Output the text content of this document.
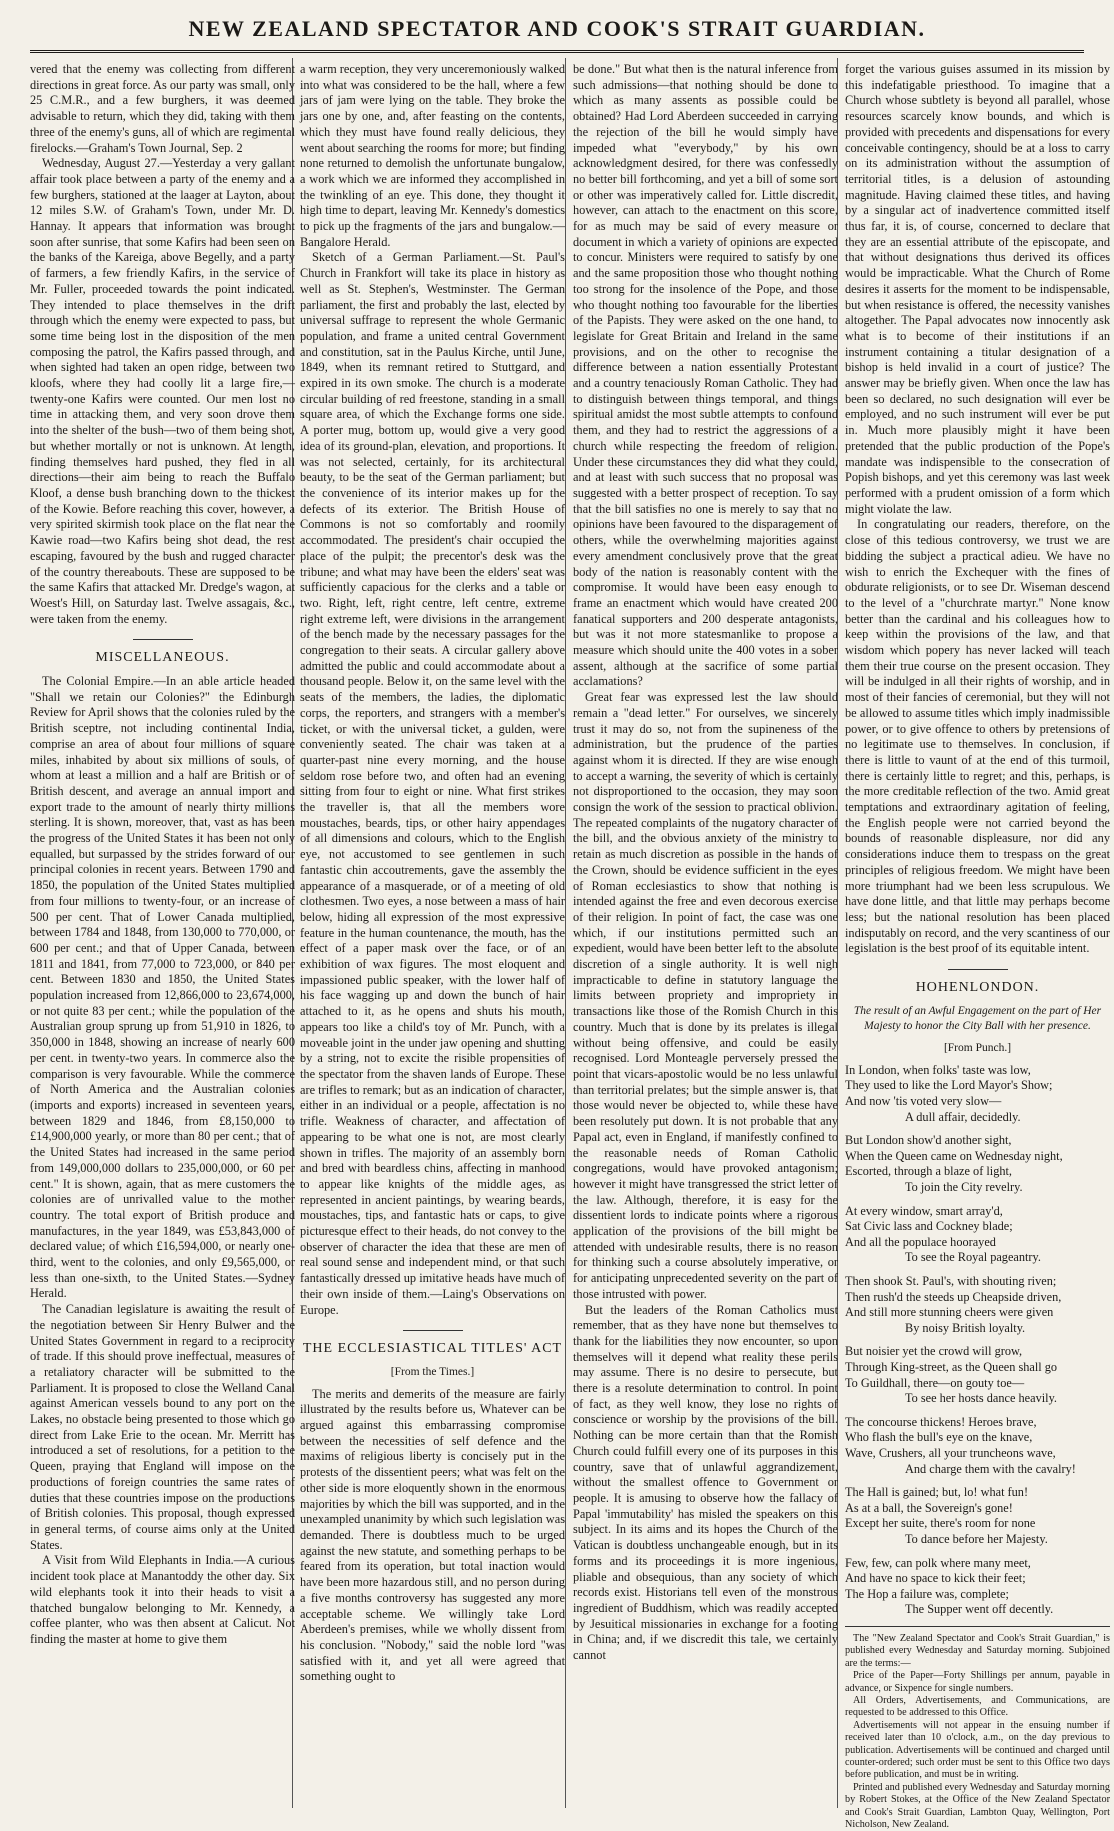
NEW ZEALAND SPECTATOR AND COOK'S STRAIT GUARDIAN.

vered that the enemy was collecting from different directions in great force. As our party was small, only 25 C.M.R., and a few burghers, it was deemed advisable to return, which they did, taking with them three of the enemy's guns, all of which are regimental firelocks.—Graham's Town Journal, Sep. 2

Wednesday, August 27.—Yesterday a very gallant affair took place between a party of the enemy and a few burghers, stationed at the laager at Layton, about 12 miles S.W. of Graham's Town, under Mr. D. Hannay. It appears that information was brought soon after sunrise, that some Kafirs had been seen on the banks of the Kareiga, above Begelly, and a party of farmers, a few friendly Kafirs, in the service of Mr. Fuller, proceeded towards the point indicated. They intended to place themselves in the drift through which the enemy were expected to pass, but some time being lost in the disposition of the men composing the patrol, the Kafirs passed through, and when sighted had taken an open ridge, between two kloofs, where they had coolly lit a large fire,—twenty-one Kafirs were counted. Our men lost no time in attacking them, and very soon drove them into the shelter of the bush—two of them being shot, but whether mortally or not is unknown. At length, finding themselves hard pushed, they fled in all directions—their aim being to reach the Buffalo Kloof, a dense bush branching down to the thickest of the Kowie. Before reaching this cover, however, a very spirited skirmish took place on the flat near the Kawie road—two Kafirs being shot dead, the rest escaping, favoured by the bush and rugged character of the country thereabouts. These are supposed to be the same Kafirs that attacked Mr. Dredge's wagon, at Woest's Hill, on Saturday last. Twelve assagais, &c., were taken from the enemy.

MISCELLANEOUS.

The Colonial Empire.—In an able article headed "Shall we retain our Colonies?" the Edinburgh Review for April shows that the colonies ruled by the British sceptre, not including continental India, comprise an area of about four millions of square miles, inhabited by about six millions of souls, of whom at least a million and a half are British or of British descent, and average an annual import and export trade to the amount of nearly thirty millions sterling. It is shown, moreover, that, vast as has been the progress of the United States it has been not only equalled, but surpassed by the strides forward of our principal colonies in recent years. Between 1790 and 1850, the population of the United States multiplied from four millions to twenty-four, or an increase of 500 per cent. That of Lower Canada multiplied, between 1784 and 1848, from 130,000 to 770,000, or 600 per cent.; and that of Upper Canada, between 1811 and 1841, from 77,000 to 723,000, or 840 per cent. Between 1830 and 1850, the United States population increased from 12,866,000 to 23,674,000, or not quite 83 per cent.; while the population of the Australian group sprung up from 51,910 in 1826, to 350,000 in 1848, showing an increase of nearly 600 per cent. in twenty-two years. In commerce also the comparison is very favourable. While the commerce of North America and the Australian colonies (imports and exports) increased in seventeen years, between 1829 and 1846, from £8,150,000 to £14,900,000 yearly, or more than 80 per cent.; that of the United States had increased in the same period from 149,000,000 dollars to 235,000,000, or 60 per cent." It is shown, again, that as mere customers the colonies are of unrivalled value to the mother country. The total export of British produce and manufactures, in the year 1849, was £53,843,000 of declared value; of which £16,594,000, or nearly one-third, went to the colonies, and only £9,565,000, or less than one-sixth, to the United States.—Sydney Herald.

The Canadian legislature is awaiting the result of the negotiation between Sir Henry Bulwer and the United States Government in regard to a reciprocity of trade. If this should prove ineffectual, measures of a retaliatory character will be submitted to the Parliament. It is proposed to close the Welland Canal against American vessels bound to any port on the Lakes, no obstacle being presented to those which go direct from Lake Erie to the ocean. Mr. Merritt has introduced a set of resolutions, for a petition to the Queen, praying that England will impose on the productions of foreign countries the same rates of duties that these countries impose on the productions of British colonies. This proposal, though expressed in general terms, of course aims only at the United States.

A Visit from Wild Elephants in India.—A curious incident took place at Manantoddy the other day. Six wild elephants took it into their heads to visit a thatched bungalow belonging to Mr. Kennedy, a coffee planter, who was then absent at Calicut. Not finding the master at home to give them

a warm reception, they very unceremoniously walked into what was considered to be the hall, where a few jars of jam were lying on the table. They broke the jars one by one, and, after feasting on the contents, which they must have found really delicious, they went about searching the rooms for more; but finding none returned to demolish the unfortunate bungalow, a work which we are informed they accomplished in the twinkling of an eye. This done, they thought it high time to depart, leaving Mr. Kennedy's domestics to pick up the fragments of the jars and bungalow.—Bangalore Herald.

Sketch of a German Parliament.—St. Paul's Church in Frankfort will take its place in history as well as St. Stephen's, Westminster. The German parliament, the first and probably the last, elected by universal suffrage to represent the whole Germanic population, and frame a united central Government and constitution, sat in the Paulus Kirche, until June, 1849, when its remnant retired to Stuttgard, and expired in its own smoke. The church is a moderate circular building of red freestone, standing in a small square area, of which the Exchange forms one side. A porter mug, bottom up, would give a very good idea of its ground-plan, elevation, and proportions. It was not selected, certainly, for its architectural beauty, to be the seat of the German parliament; but the convenience of its interior makes up for the defects of its exterior. The British House of Commons is not so comfortably and roomily accommodated. The president's chair occupied the place of the pulpit; the precentor's desk was the tribune; and what may have been the elders' seat was sufficiently capacious for the clerks and a table or two. Right, left, right centre, left centre, extreme right extreme left, were divisions in the arrangement of the bench made by the necessary passages for the congregation to their seats. A circular gallery above admitted the public and could accommodate about a thousand people. Below it, on the same level with the seats of the members, the ladies, the diplomatic corps, the reporters, and strangers with a member's ticket, or with the universal ticket, a gulden, were conveniently seated. The chair was taken at a quarter-past nine every morning, and the house seldom rose before two, and often had an evening sitting from four to eight or nine. What first strikes the traveller is, that all the members wore moustaches, beards, tips, or other hairy appendages of all dimensions and colours, which to the English eye, not accustomed to see gentlemen in such fantastic chin accoutrements, gave the assembly the appearance of a masquerade, or of a meeting of old clothesmen. Two eyes, a nose between a mass of hair below, hiding all expression of the most expressive feature in the human countenance, the mouth, has the effect of a paper mask over the face, or of an exhibition of wax figures. The most eloquent and impassioned public speaker, with the lower half of his face wagging up and down the bunch of hair attached to it, as he opens and shuts his mouth, appears too like a child's toy of Mr. Punch, with a moveable joint in the under jaw opening and shutting by a string, not to excite the risible propensities of the spectator from the shaven lands of Europe. These are trifles to remark; but as an indication of character, either in an individual or a people, affectation is no trifle. Weakness of character, and affectation of appearing to be what one is not, are most clearly shown in trifles. The majority of an assembly born and bred with beardless chins, affecting in manhood to appear like knights of the middle ages, as represented in ancient paintings, by wearing beards, moustaches, tips, and fantastic hats or caps, to give picturesque effect to their heads, do not convey to the observer of character the idea that these are men of real sound sense and independent mind, or that such fantastically dressed up imitative heads have much of their own inside of them.—Laing's Observations on Europe.

THE ECCLESIASTICAL TITLES' ACT
[From the Times.]

The merits and demerits of the measure are fairly illustrated by the results before us, Whatever can be argued against this embarrassing compromise between the necessities of self defence and the maxims of religious liberty is concisely put in the protests of the dissentient peers; what was felt on the other side is more eloquently shown in the enormous majorities by which the bill was supported, and in the unexampled unanimity by which such legislation was demanded. There is doubtless much to be urged against the new statute, and something perhaps to be feared from its operation, but total inaction would have been more hazardous still, and no person during a five months controversy has suggested any more acceptable scheme. We willingly take Lord Aberdeen's premises, while we wholly dissent from his conclusion. "Nobody," said the noble lord "was satisfied with it, and yet all were agreed that something ought to

be done." But what then is the natural inference from such admissions—that nothing should be done to which as many assents as possible could be obtained? Had Lord Aberdeen succeeded in carrying the rejection of the bill he would simply have impeded what "everybody," by his own acknowledgment desired, for there was confessedly no better bill forthcoming, and yet a bill of some sort or other was imperatively called for. Little discredit, however, can attach to the enactment on this score, for as much may be said of every measure or document in which a variety of opinions are expected to concur. Ministers were required to satisfy by one and the same proposition those who thought nothing too strong for the insolence of the Pope, and those who thought nothing too favourable for the liberties of the Papists. They were asked on the one hand, to legislate for Great Britain and Ireland in the same provisions, and on the other to recognise the difference between a nation essentially Protestant and a country tenaciously Roman Catholic. They had to distinguish between things temporal, and things spiritual amidst the most subtle attempts to confound them, and they had to restrict the aggressions of a church while respecting the freedom of religion. Under these circumstances they did what they could, and at least with such success that no proposal was suggested with a better prospect of reception. To say that the bill satisfies no one is merely to say that no opinions have been favoured to the disparagement of others, while the overwhelming majorities against every amendment conclusively prove that the great body of the nation is reasonably content with the compromise. It would have been easy enough to frame an enactment which would have created 200 fanatical supporters and 200 desperate antagonists, but was it not more statesmanlike to propose a measure which should unite the 400 votes in a sober assent, although at the sacrifice of some partial acclamations?

Great fear was expressed lest the law should remain a "dead letter." For ourselves, we sincerely trust it may do so, not from the supineness of the administration, but the prudence of the parties against whom it is directed. If they are wise enough to accept a warning, the severity of which is certainly not disproportioned to the occasion, they may soon consign the work of the session to practical oblivion. The repeated complaints of the nugatory character of the bill, and the obvious anxiety of the ministry to retain as much discretion as possible in the hands of the Crown, should be evidence sufficient in the eyes of Roman ecclesiastics to show that nothing is intended against the free and even decorous exercise of their religion. In point of fact, the case was one which, if our institutions permitted such an expedient, would have been better left to the absolute discretion of a single authority. It is well nigh impracticable to define in statutory language the limits between propriety and impropriety in transactions like those of the Romish Church in this country. Much that is done by its prelates is illegal without being offensive, and could be easily recognised. Lord Monteagle perversely pressed the point that vicars-apostolic would be no less unlawful than territorial prelates; but the simple answer is, that those would never be objected to, while these have been resolutely put down. It is not probable that any Papal act, even in England, if manifestly confined to the reasonable needs of Roman Catholic congregations, would have provoked antagonism; however it might have transgressed the strict letter of the law. Although, therefore, it is easy for the dissentient lords to indicate points where a rigorous application of the provisions of the bill might be attended with undesirable results, there is no reason for thinking such a course absolutely imperative, or for anticipating unprecedented severity on the part of those intrusted with power.

But the leaders of the Roman Catholics must remember, that as they have none but themselves to thank for the liabilities they now encounter, so upon themselves will it depend what reality these perils may assume. There is no desire to persecute, but there is a resolute determination to control. In point of fact, as they well know, they lose no rights of conscience or worship by the provisions of the bill. Nothing can be more certain than that the Romish Church could fulfill every one of its purposes in this country, save that of unlawful aggrandizement, without the smallest offence to Government or people. It is amusing to observe how the fallacy of Papal 'immutability' has misled the speakers on this subject. In its aims and its hopes the Church of the Vatican is doubtless unchangeable enough, but in its forms and its proceedings it is more ingenious, pliable and obsequious, than any society of which records exist. Historians tell even of the monstrous ingredient of Buddhism, which was readily accepted by Jesuitical missionaries in exchange for a footing in China; and, if we discredit this tale, we certainly cannot

forget the various guises assumed in its mission by this indefatigable priesthood. To imagine that a Church whose subtlety is beyond all parallel, whose resources scarcely know bounds, and which is provided with precedents and dispensations for every conceivable contingency, should be at a loss to carry on its administration without the assumption of territorial titles, is a delusion of astounding magnitude. Having claimed these titles, and having by a singular act of inadvertence committed itself thus far, it is, of course, concerned to declare that they are an essential attribute of the episcopate, and that without designations thus derived its offices would be impracticable. What the Church of Rome desires it asserts for the moment to be indispensable, but when resistance is offered, the necessity vanishes altogether. The Papal advocates now innocently ask what is to become of their institutions if an instrument containing a titular designation of a bishop is held invalid in a court of justice? The answer may be briefly given. When once the law has been so declared, no such designation will ever be employed, and no such instrument will ever be put in. Much more plausibly might it have been pretended that the public production of the Pope's mandate was indispensible to the consecration of Popish bishops, and yet this ceremony was last week performed with a prudent omission of a form which might violate the law.

In congratulating our readers, therefore, on the close of this tedious controversy, we trust we are bidding the subject a practical adieu. We have no wish to enrich the Exchequer with the fines of obdurate religionists, or to see Dr. Wiseman descend to the level of a "churchrate martyr." None know better than the cardinal and his colleagues how to keep within the provisions of the law, and that wisdom which popery has never lacked will teach them their true course on the present occasion. They will be indulged in all their rights of worship, and in most of their fancies of ceremonial, but they will not be allowed to assume titles which imply inadmissible power, or to give offence to others by pretensions of no legitimate use to themselves. In conclusion, if there is little to vaunt of at the end of this turmoil, there is certainly little to regret; and this, perhaps, is the more creditable reflection of the two. Amid great temptations and extraordinary agitation of feeling, the English people were not carried beyond the bounds of reasonable displeasure, nor did any considerations induce them to trespass on the great principles of religious freedom. We might have been more triumphant had we been less scrupulous. We have done little, and that little may perhaps become less; but the national resolution has been placed indisputably on record, and the very scantiness of our legislation is the best proof of its equitable intent.

HOHENLONDON.

The result of an Awful Engagement on the part of Her Majesty to honor the City Ball with her presence.

[From Punch.]
In London, when folks' taste was low,
They used to like the Lord Mayor's Show;
And now 'tis voted very slow—
A dull affair, decidedly.
But London show'd another sight,
When the Queen came on Wednesday night,
Escorted, through a blaze of light,
To join the City revelry.
At every window, smart array'd,
Sat Civic lass and Cockney blade;
And all the populace hoorayed
To see the Royal pageantry.
Then shook St. Paul's, with shouting riven;
Then rush'd the steeds up Cheapside driven,
And still more stunning cheers were given
By noisy British loyalty.
But noisier yet the crowd will grow,
Through King-street, as the Queen shall go
To Guildhall, there—on gouty toe—
To see her hosts dance heavily.
The concourse thickens! Heroes brave,
Who flash the bull's eye on the knave,
Wave, Crushers, all your truncheons wave,
And charge them with the cavalry!
The Hall is gained; but, lo! what fun!
As at a ball, the Sovereign's gone!
Except her suite, there's room for none
To dance before her Majesty.
Few, few, can polk where many meet,
And have no space to kick their feet;
The Hop a failure was, complete;
The Supper went off decently.

The "New Zealand Spectator and Cook's Strait Guardian," is published every Wednesday and Saturday morning. Subjoined are the terms:—

Price of the Paper—Forty Shillings per annum, payable in advance, or Sixpence for single numbers.

All Orders, Advertisements, and Communications, are requested to be addressed to this Office.

Advertisements will not appear in the ensuing number if received later than 10 o'clock, a.m., on the day previous to publication. Advertisements will be continued and charged until counter-ordered; such order must be sent to this Office two days before publication, and must be in writing.

Printed and published every Wednesday and Saturday morning by Robert Stokes, at the Office of the New Zealand Spectator and Cook's Strait Guardian, Lambton Quay, Wellington, Port Nicholson, New Zealand.
